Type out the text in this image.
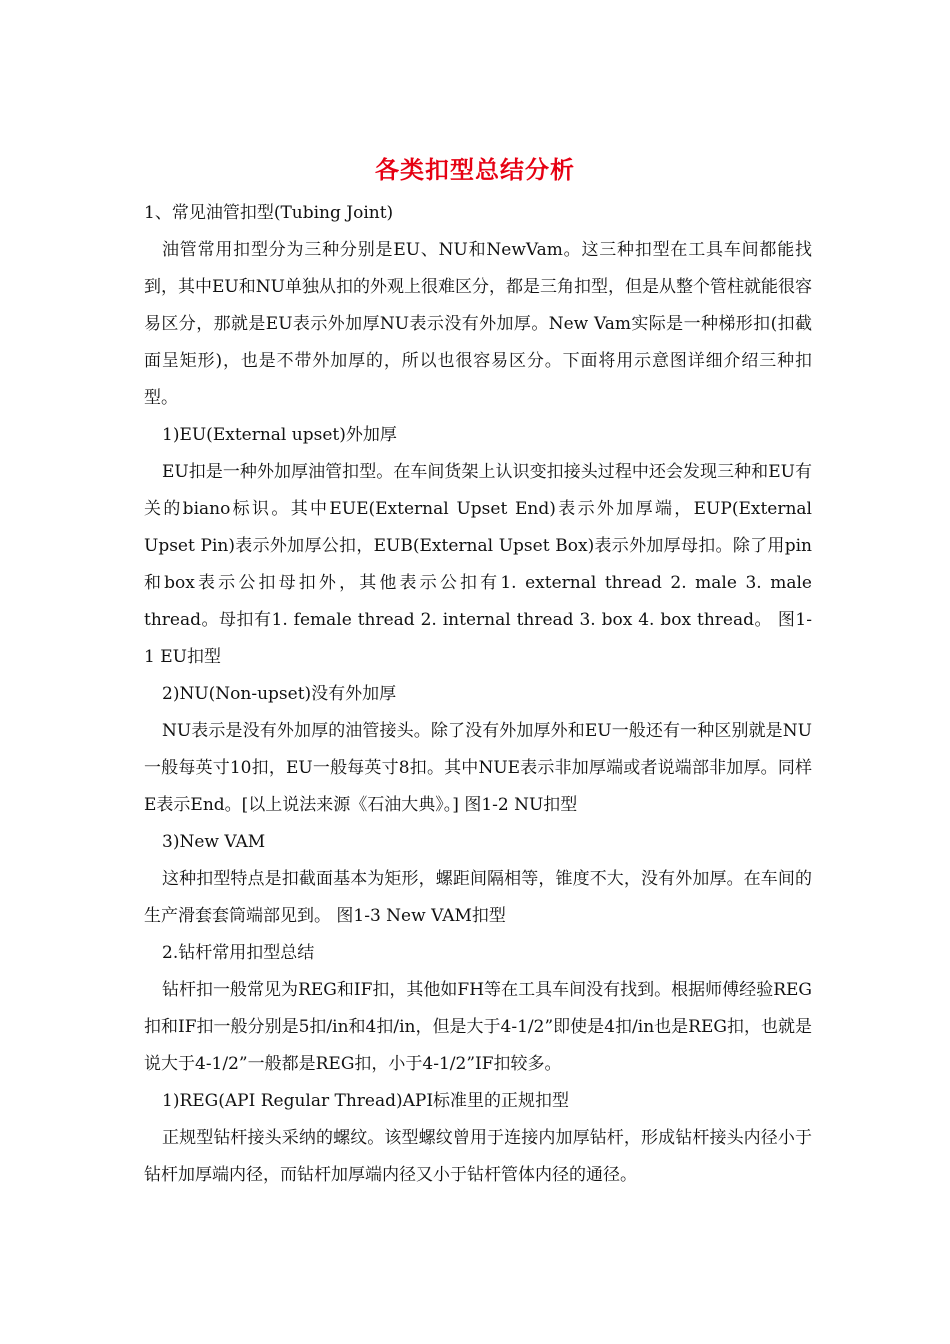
各类扣型总结分析

1、常见油管扣型(Tubing Joint)

油管常用扣型分为三种分别是EU、NU和NewVam。这三种扣型在工具车间都能找到，其中EU和NU单独从扣的外观上很难区分，都是三角扣型，但是从整个管柱就能很容易区分，那就是EU表示外加厚NU表示没有外加厚。New Vam实际是一种梯形扣(扣截面呈矩形)，也是不带外加厚的，所以也很容易区分。下面将用示意图详细介绍三种扣型。

1)EU(External upset)外加厚

EU扣是一种外加厚油管扣型。在车间货架上认识变扣接头过程中还会发现三种和EU有关的biano标识。其中EUE(External Upset End)表示外加厚端，EUP(External Upset Pin)表示外加厚公扣，EUB(External Upset Box)表示外加厚母扣。除了用pin和box表示公扣母扣外，其他表示公扣有1. external thread 2. male 3. male thread。母扣有1. female thread 2. internal thread 3. box 4. box thread。 图1-1 EU扣型

2)NU(Non-upset)没有外加厚

NU表示是没有外加厚的油管接头。除了没有外加厚外和EU一般还有一种区别就是NU一般每英寸10扣，EU一般每英寸8扣。其中NUE表示非加厚端或者说端部非加厚。同样E表示End。[以上说法来源《石油大典》。] 图1-2 NU扣型

3)New VAM

这种扣型特点是扣截面基本为矩形，螺距间隔相等，锥度不大，没有外加厚。在车间的生产滑套套筒端部见到。 图1-3 New VAM扣型

2.钻杆常用扣型总结

钻杆扣一般常见为REG和IF扣，其他如FH等在工具车间没有找到。根据师傅经验REG扣和IF扣一般分别是5扣/in和4扣/in，但是大于4-1/2”即使是4扣/in也是REG扣，也就是说大于4-1/2”一般都是REG扣，小于4-1/2”IF扣较多。

1)REG(API Regular Thread)API标准里的正规扣型

正规型钻杆接头采纳的螺纹。该型螺纹曾用于连接内加厚钻杆，形成钻杆接头内径小于钻杆加厚端内径，而钻杆加厚端内径又小于钻杆管体内径的通径。
